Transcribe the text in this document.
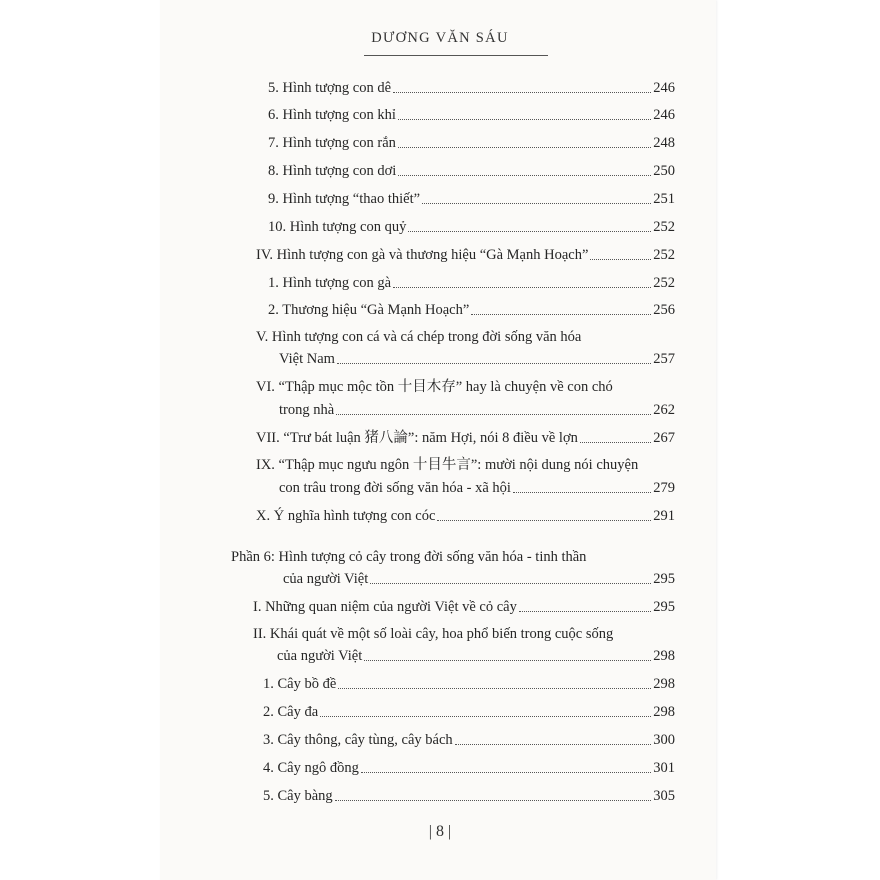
DƯƠNG VĂN SÁU
5. Hình tượng con dê	246
6. Hình tượng con khỉ	246
7. Hình tượng con rắn	248
8. Hình tượng con dơi	250
9. Hình tượng “thao thiết”	251
10. Hình tượng con quỷ	252
IV. Hình tượng con gà và thương hiệu “Gà Mạnh Hoạch”	252
1. Hình tượng con gà	252
2. Thương hiệu “Gà Mạnh Hoạch”	256
V. Hình tượng con cá và cá chép trong đời sống văn hóa
Việt Nam	257
VI. “Thập mục mộc tồn 十目木存” hay là chuyện về con chó
trong nhà	262
VII. “Trư bát luận 猪八論”: năm Hợi, nói 8 điều về lợn	267
IX. “Thập mục ngưu ngôn 十目牛言”: mười nội dung nói chuyện
con trâu trong đời sống văn hóa - xã hội	279
X. Ý nghĩa hình tượng con cóc	291
Phần 6: Hình tượng cỏ cây trong đời sống văn hóa - tinh thần
của người Việt	295
I. Những quan niệm của người Việt về cỏ cây	295
II. Khái quát về một số loài cây, hoa phổ biến trong cuộc sống
của người Việt	298
1. Cây bồ đề	298
2. Cây đa	298
3. Cây thông, cây tùng, cây bách	300
4. Cây ngô đồng	301
5. Cây bàng	305
| 8 |
